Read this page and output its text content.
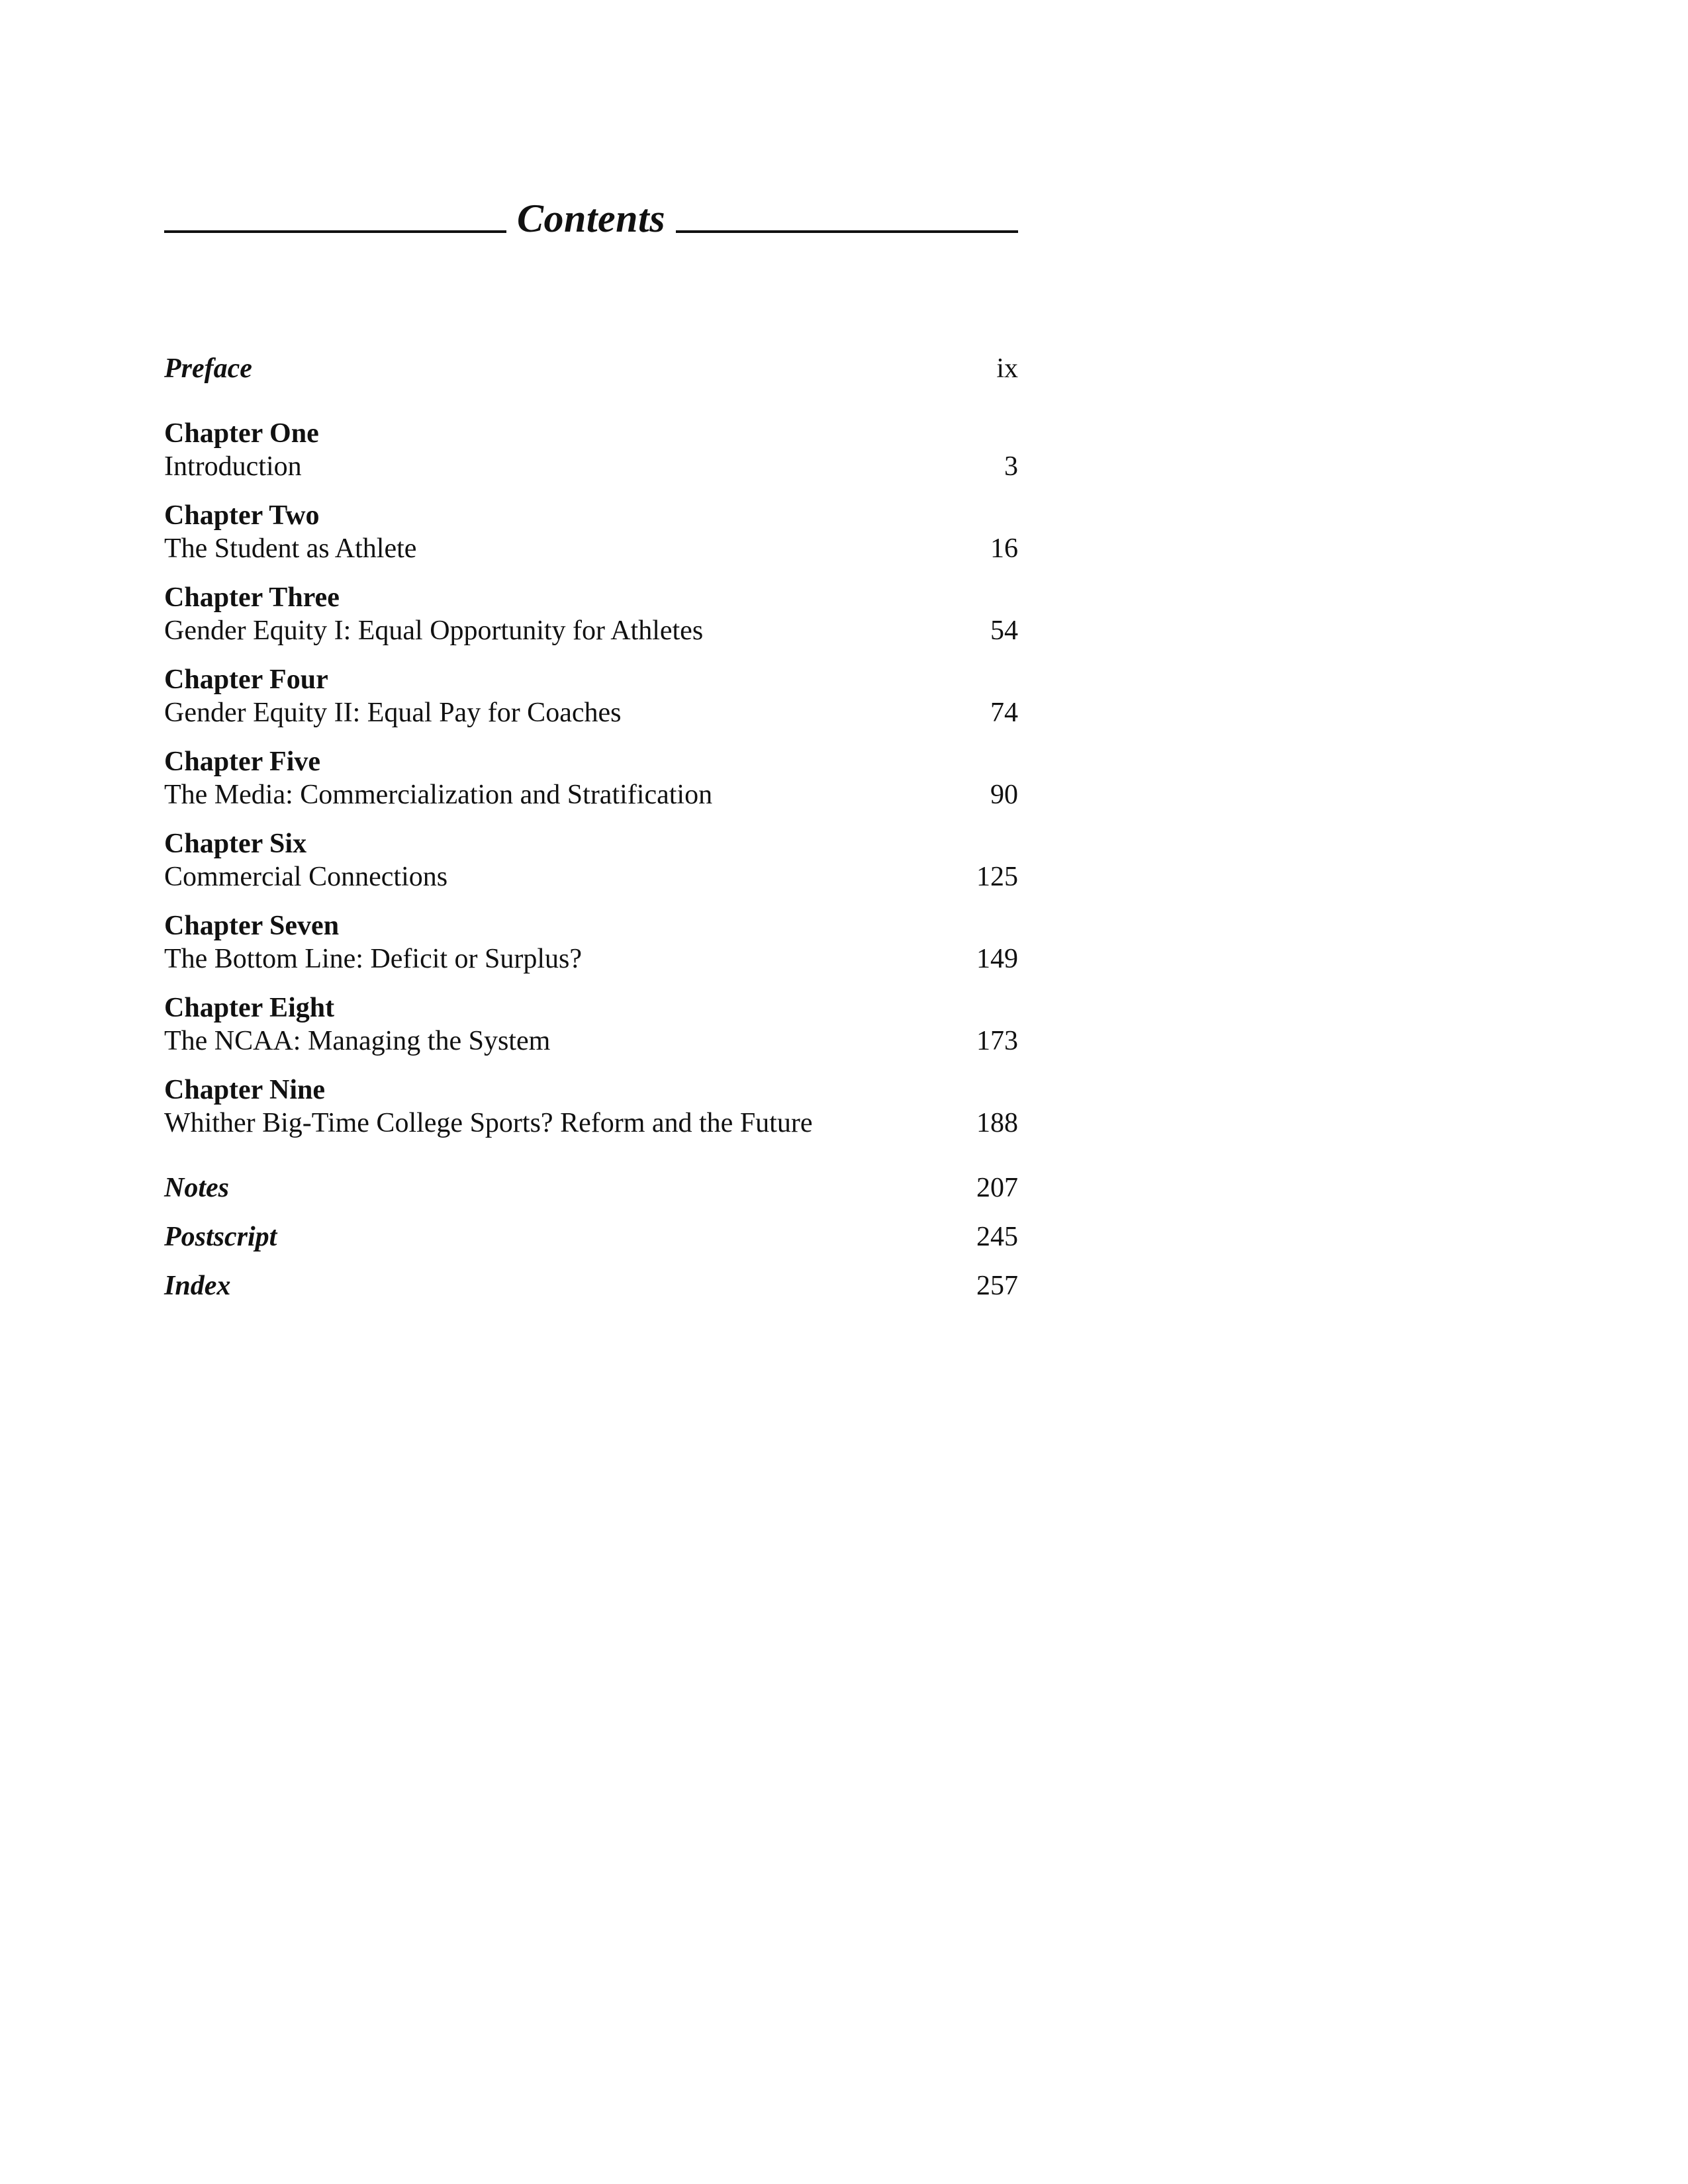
Contents
Preface	ix
Chapter One
Introduction	3
Chapter Two
The Student as Athlete	16
Chapter Three
Gender Equity I: Equal Opportunity for Athletes	54
Chapter Four
Gender Equity II: Equal Pay for Coaches	74
Chapter Five
The Media: Commercialization and Stratification	90
Chapter Six
Commercial Connections	125
Chapter Seven
The Bottom Line: Deficit or Surplus?	149
Chapter Eight
The NCAA: Managing the System	173
Chapter Nine
Whither Big-Time College Sports? Reform and the Future	188
Notes	207
Postscript	245
Index	257
